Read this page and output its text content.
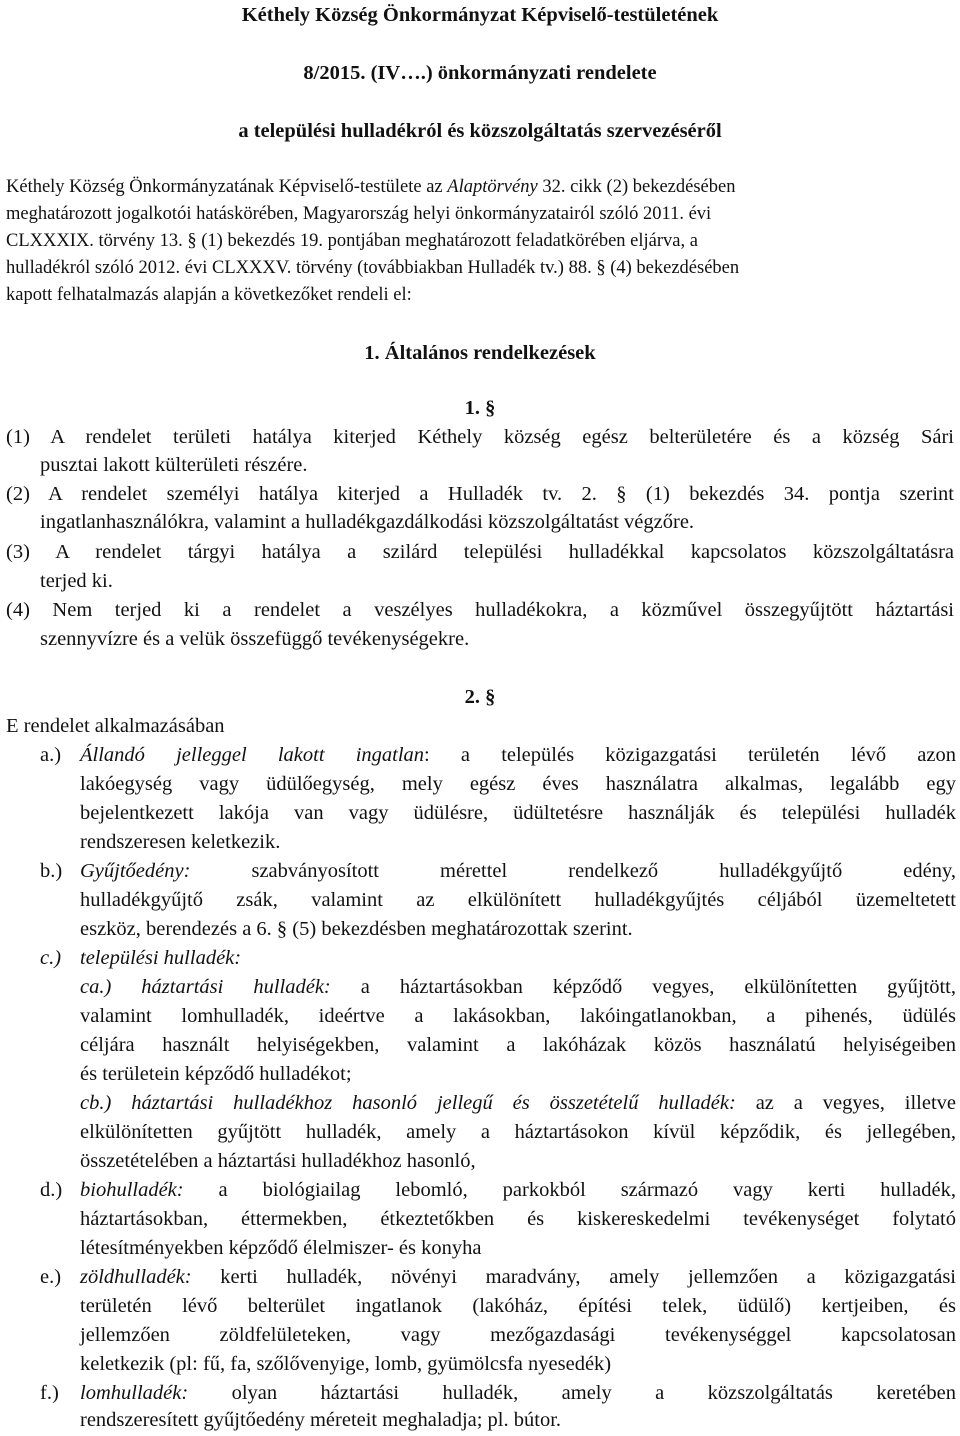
Kéthely Község Önkormányzat Képviselő-testületének
8/2015. (IV….) önkormányzati rendelete
a települési hulladékról és közszolgáltatás szervezéséről
Kéthely Község Önkormányzatának Képviselő-testülete az Alaptörvény 32. cikk (2) bekezdésében
meghatározott jogalkotói hatáskörében, Magyarország helyi önkormányzatairól szóló 2011. évi
CLXXXIX. törvény 13. § (1) bekezdés 19. pontjában meghatározott feladatkörében eljárva, a
hulladékról szóló 2012. évi CLXXXV. törvény (továbbiakban Hulladék tv.) 88. § (4) bekezdésében
kapott felhatalmazás alapján a következőket rendeli el:
1. Általános rendelkezések
1. §
(1) A rendelet területi hatálya kiterjed Kéthely község egész belterületére és a község Sári
pusztai lakott külterületi részére.
(2) A rendelet személyi hatálya kiterjed a Hulladék tv. 2. § (1) bekezdés 34. pontja szerint
ingatlanhasználókra, valamint a hulladékgazdálkodási közszolgáltatást végzőre.
(3) A rendelet tárgyi hatálya a szilárd települési hulladékkal kapcsolatos közszolgáltatásra
terjed ki.
(4) Nem terjed ki a rendelet a veszélyes hulladékokra, a közművel összegyűjtött háztartási
szennyvízre és a velük összefüggő tevékenységekre.
2. §
E rendelet alkalmazásában
a.) Állandó jelleggel lakott ingatlan: a település közigazgatási területén lévő azon
lakóegység vagy üdülőegység, mely egész éves használatra alkalmas, legalább egy
bejelentkezett lakója van vagy üdülésre, üdültetésre használják és települési hulladék
rendszeresen keletkezik.
b.) Gyűjtőedény: szabványosított mérettel rendelkező hulladékgyűjtő edény,
hulladékgyűjtő zsák, valamint az elkülönített hulladékgyűjtés céljából üzemeltetett
eszköz, berendezés a 6. § (5) bekezdésben meghatározottak szerint.
c.) települési hulladék:
ca.) háztartási hulladék: a háztartásokban képződő vegyes, elkülönítetten gyűjtött,
valamint lomhulladék, ideértve a lakásokban, lakóingatlanokban, a pihenés, üdülés
céljára használt helyiségekben, valamint a lakóházak közös használatú helyiségeiben
és területein képződő hulladékot;
cb.) háztartási hulladékhoz hasonló jellegű és összetételű hulladék: az a vegyes, illetve
elkülönítetten gyűjtött hulladék, amely a háztartásokon kívül képződik, és jellegében,
összetételében a háztartási hulladékhoz hasonló,
d.) biohulladék: a biológiailag lebomló, parkokból származó vagy kerti hulladék,
háztartásokban, éttermekben, étkeztetőkben és kiskereskedelmi tevékenységet folytató
létesítményekben képződő élelmiszer- és konyha
e.) zöldhulladék: kerti hulladék, növényi maradvány, amely jellemzően a közigazgatási
területén lévő belterület ingatlanok (lakóház, építési telek, üdülő) kertjeiben, és
jellemzően zöldfelületeken, vagy mezőgazdasági tevékenységgel kapcsolatosan
keletkezik (pl: fű, fa, szőlővenyige, lomb, gyümölcsfa nyesedék)
f.) lomhulladék: olyan háztartási hulladék, amely a közszolgáltatás keretében
rendszeresített gyűjtőedény méreteit meghaladja; pl. bútor.
